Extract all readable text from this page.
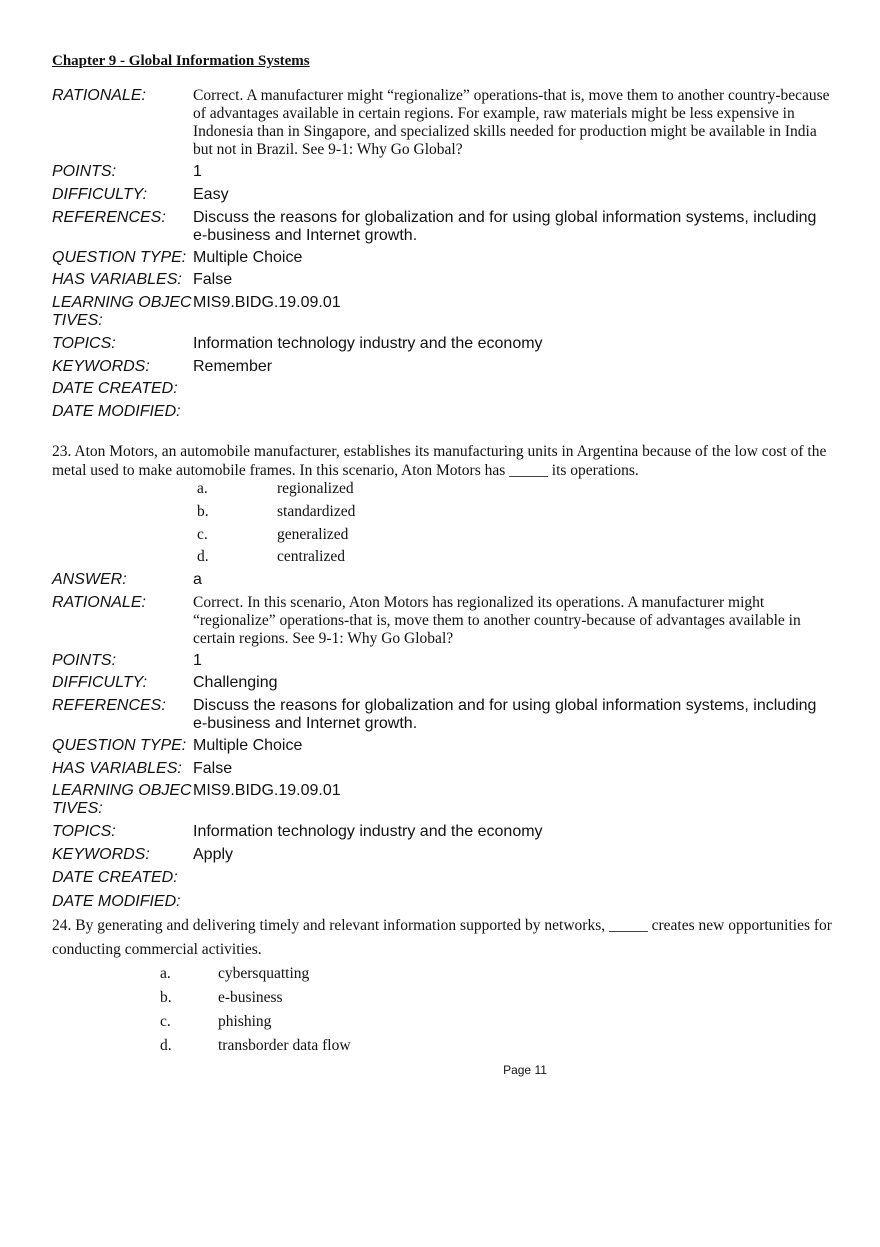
Chapter 9 - Global Information Systems
RATIONALE:	Correct. A manufacturer might “regionalize” operations-that is, move them to another country-because of advantages available in certain regions. For example, raw materials might be less expensive in Indonesia than in Singapore, and specialized skills needed for production might be available in India but not in Brazil. See 9-1: Why Go Global?
POINTS:	1
DIFFICULTY:	Easy
REFERENCES:	Discuss the reasons for globalization and for using global information systems, including e-business and Internet growth.
QUESTION TYPE: Multiple Choice
HAS VARIABLES: False
LEARNING OBJEC
TIVES:
MIS9.BIDG.19.09.01
TOPICS:	Information technology industry and the economy
KEYWORDS:	Remember
DATE CREATED:
DATE MODIFIED:
23. Aton Motors, an automobile manufacturer, establishes its manufacturing units in Argentina because of the low cost of the metal used to make automobile frames. In this scenario, Aton Motors has _____ its operations.
a.	regionalized
b.	standardized
c.	generalized
d.	centralized
ANSWER:	a
RATIONALE:	Correct. In this scenario, Aton Motors has regionalized its operations. A manufacturer might “regionalize” operations-that is, move them to another country-because of advantages available in certain regions. See 9-1: Why Go Global?
POINTS:	1
DIFFICULTY:	Challenging
REFERENCES:	Discuss the reasons for globalization and for using global information systems, including e-business and Internet growth.
QUESTION TYPE: Multiple Choice
HAS VARIABLES: False
LEARNING OBJEC
TIVES:
MIS9.BIDG.19.09.01
TOPICS:	Information technology industry and the economy
KEYWORDS:	Apply
DATE CREATED:
DATE MODIFIED:
24. By generating and delivering timely and relevant information supported by networks, _____ creates new opportunities for conducting commercial activities.
a.	cybersquatting
b.	e-business
c.	phishing
d.	transborder data flow
Page 11
